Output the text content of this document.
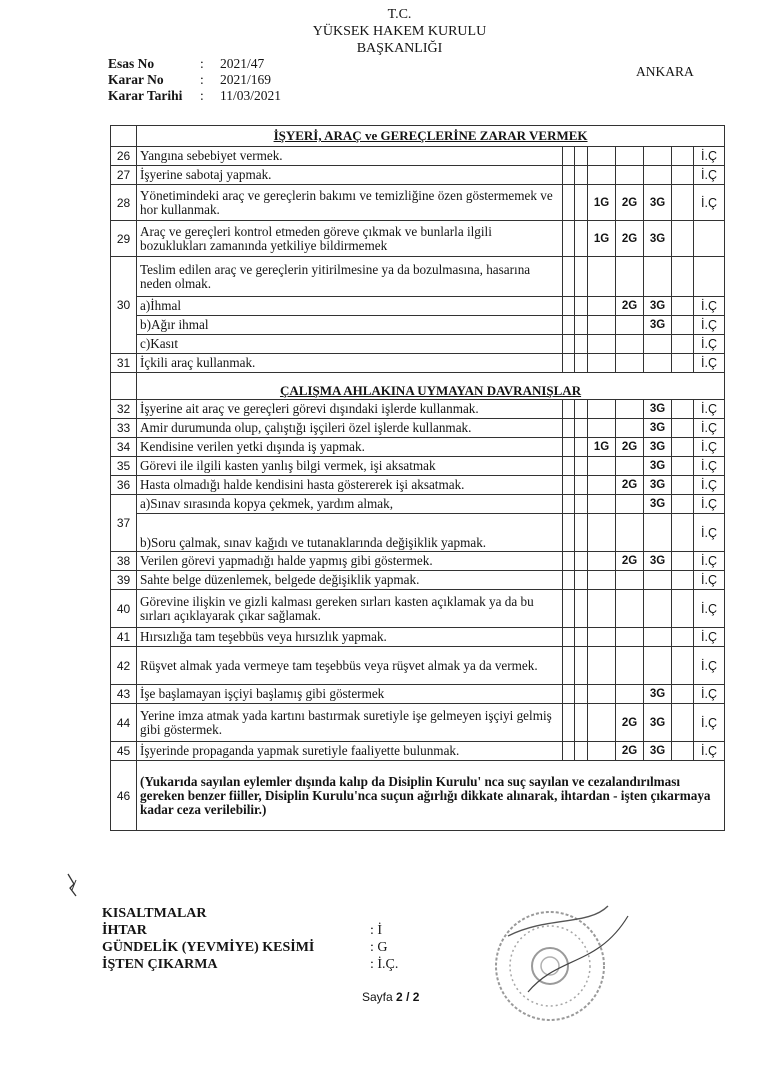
T.C.
YÜKSEK HAKEM KURULU
BAŞKANLIĞI
Esas No	:	2021/47
Karar No	:	2021/169
Karar Tarihi	:	11/03/2021
ANKARA
	İŞYERİ, ARAÇ ve GEREÇLERİNE ZARAR VERMEK							
26	Yangına sebebiyet vermek.							İ.Ç
27	İşyerine sabotaj yapmak.							İ.Ç
28	Yönetimindeki araç ve gereçlerin bakımı ve temizliğine özen göstermemek ve hor kullanmak.			1G	2G	3G		İ.Ç
29	Araç ve gereçleri kontrol etmeden göreve çıkmak ve bunlarla ilgili bozuklukları zamanında yetkiliye bildirmemek			1G	2G	3G		
30	Teslim edilen araç ve gereçlerin yitirilmesine ya da bozulmasına, hasarına neden olmak.							
	a)İhmal				2G	3G		İ.Ç
	b)Ağır ihmal					3G		İ.Ç
	c)Kasıt							İ.Ç
31	İçkili araç kullanmak.							İ.Ç
	ÇALIŞMA AHLAKINA UYMAYAN DAVRANIŞLAR							
32	İşyerine ait araç ve gereçleri görevi dışındaki işlerde kullanmak.					3G		İ.Ç
33	Amir durumunda olup, çalıştığı işçileri özel işlerde kullanmak.					3G		İ.Ç
34	Kendisine verilen yetki dışında iş yapmak.			1G	2G	3G		İ.Ç
35	Görevi ile ilgili kasten yanlış bilgi vermek, işi aksatmak					3G		İ.Ç
36	Hasta olmadığı halde kendisini hasta göstererek işi aksatmak.				2G	3G		İ.Ç
37	a)Sınav sırasında kopya çekmek, yardım almak,					3G		İ.Ç
	b)Soru çalmak, sınav kağıdı ve tutanaklarında değişiklik yapmak.							İ.Ç
38	Verilen görevi yapmadığı halde yapmış gibi göstermek.				2G	3G		İ.Ç
39	Sahte belge düzenlemek, belgede değişiklik yapmak.							İ.Ç
40	Görevine ilişkin ve gizli kalması gereken sırları kasten açıklamak ya da bu sırları açıklayarak çıkar sağlamak.							İ.Ç
41	Hırsızlığa tam teşebbüs veya hırsızlık yapmak.							İ.Ç
42	Rüşvet almak yada vermeye tam teşebbüs veya rüşvet almak ya da vermek.							İ.Ç
43	İşe başlamayan işçiyi başlamış gibi göstermek					3G		İ.Ç
44	Yerine imza atmak yada kartını bastırmak suretiyle işe gelmeyen işçiyi gelmiş gibi göstermek.				2G	3G		İ.Ç
45	İşyerinde propaganda yapmak suretiyle faaliyette bulunmak.				2G	3G		İ.Ç
46	(Yukarıda sayılan eylemler dışında kalıp da Disiplin Kurulu' nca suç sayılan ve cezalandırılması gereken benzer fiiller, Disiplin Kurulu'nca suçun ağırlığı dikkate alınarak, ihtardan - işten çıkarmaya kadar ceza verilebilir.)							
KISALTMALAR
İHTAR	: İ
GÜNDELİK (YEVMİYE) KESİMİ	: G
İŞTEN ÇIKARMA	: İ.Ç.
Sayfa 2 / 2
